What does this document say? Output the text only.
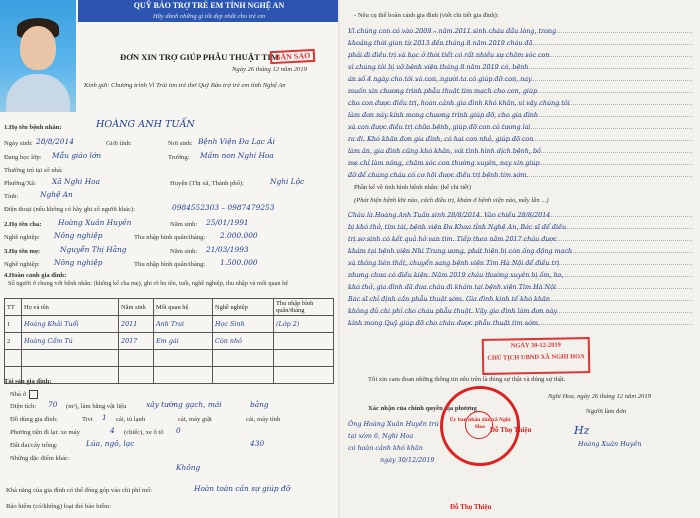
QUỸ BẢO TRỢ TRẺ EM TỈNH NGHỆ AN
Hãy dành những gì tốt đẹp nhất cho trẻ em
ĐƠN XIN TRỢ GIÚP PHẪU THUẬT TIM
BẢN SAO
Ngày 26 tháng 12 năm 2019
Kính gửi: Chương trình Vì Trái tim trẻ thơ Quỹ Bảo trợ trẻ em tỉnh Nghệ An
1.Họ tên bệnh nhân:	HOÀNG ANH TUẤN
Ngày sinh: 28/8/2014	Giới tính:	Nơi sinh: Bệnh Viện Đa Lạc Ái
Đang học lớp: Mẫu giáo lớn	Trường: Mầm non Nghi Hoa
Thường trú tại số nhà:
Phường/Xã: Xã Nghi Hoa	Huyện (Thị xã, Thành phố):	Nghi Lộc
Tỉnh:	Nghệ An
Điện thoại (nếu không có hãy ghi số người khác):	0984552303 – 0987479253
2.Họ tên cha: Hoàng Xuân Huyền	Năm sinh: 25/01/1991
Nghề nghiệp: Nông nghiệp	Thu nhập bình quân/tháng: 2.000.000
3.Họ tên mẹ:	Nguyễn Thị Hằng	Năm sinh: 21/03/1993
Nghề nghiệp: Nông nghiệp	Thu nhập bình quân/tháng: 1.500.000
4.Hoàn cảnh gia đình:
Số người ở chung với bệnh nhân: (không kể cha mẹ), ghi rõ họ tên, tuổi, nghề nghiệp, thu nhập và mối quan hệ
TT	Họ và tên	Năm sinh	Mối quan hệ	Nghề nghiệp	Thu nhập bình quân/tháng
1	Hoàng Khải Tuổi	2011	Anh Trai	Học Sinh	(Lớp 2)
2	Hoàng Cẩm Tú	2017	Em gái	Còn nhỏ	

Tài sản gia đình:
Nhà ở
Diện tích: 70 (m²), làm bằng vật liệu	xây tường gạch, mái	bằng
Đồ dùng gia đình:	Tivi 1 cái, tủ lạnh	cái, máy giặt	cái, máy tính
Phương tiện đi lại: xe máy	4 (chiếc), xe ô tô 0
Đất đai/cây trồng:	Lúa, ngô, lạc	430
Những đặc điểm khác:
Không
Khả năng của gia đình có thể đóng góp vào chi phí mổ:	Hoàn toàn cần sự giúp đỡ
Bảo hiểm (có/không) loại thẻ bảo hiểm:
- Nêu cụ thể hoàn cảnh gia đình (viết chi tiết gia đình):
Vì chúng con có vào 2009 – năm 2011 sinh cháu đầu lòng, trong
khoảng thời gian từ 2013 đến tháng 8 năm 2019 cháu đã
phải đi điều trị và học ở thời tiết có rất nhiều sự chăm sóc con
vì chúng tôi bị vỡ bệnh viện tháng 8 năm 2019 có, bệnh
án số 4 ngày cho tôi và con, người ta có giúp đỡ con, nay
muốn xin chương trình phẫu thuật tim mạch cho con, giúp
cho con được điều trị, hoàn cảnh gia đình khó khăn, vì vậy chúng tôi
làm đơn này kính mong chương trình giúp đỡ, cho gia đình
và con được điều trị chữa bệnh, giúp đỡ con có tương lai
ra đi. Khó khăn đơn gia đình, có hai con nhỏ, giúp đỡ con
làm ăn, gia đình cũng khó khăn, với tình hình dịch bệnh, bố
mẹ chỉ làm nông, chăm sóc con thường xuyên, nay xin giúp
đỡ để chúng cháu có cơ hội được điều trị bệnh tim sớm.
Phần kể về tình hình bệnh nhân: (kể chi tiết)
(Phát hiện bệnh khi nào, cách điều trị, khám ở bệnh viện nào, mấy lần ...)
Cháu là Hoàng Anh Tuấn sinh 28/8/2014. Vào chiều 28/8/2014
bị khó thở, tím tái, bệnh viện Đa Khoa tỉnh Nghệ An, Bác sĩ để điều
trị sơ sinh có kết quả hở van tim. Tiếp theo năm 2017 cháu được
khám tại bệnh viện Nhi Trung ương, phát hiện bị còn ống động mạch
và thông liên thất, chuyển sang bệnh viện Tim Hà Nội để điều trị
nhưng chưa có điều kiện. Năm 2019 cháu thường xuyên bị ốm, ho,
khó thở, gia đình đã đưa cháu đi khám tại bệnh viện Tim Hà Nội
Bác sĩ chỉ định cần phẫu thuật sớm. Gia đình kinh tế khó khăn
không đủ chi phí cho cháu phẫu thuật. Vậy gia đình làm đơn này
kính mong Quỹ giúp đỡ cho cháu được phẫu thuật tim sớm.
NGÀY 30-12-2019
CHỦ TỊCH UBND XÃ NGHI HOA
Tôi xin cam đoan những thông tin nêu trên là đúng sự thật và đúng sự thật.
Nghi Hoa, ngày 26 tháng 12 năm 2019
Xác nhận của chính quyền địa phương
Ông Hoàng Xuân Huyền trú
tại xóm 6, Nghi Hoa
có hoàn cảnh khó khăn
ngày 30/12/2019
Ủy ban nhân dân xã Nghi Hoa Đỗ Thọ Thiệu
Đỗ Thọ Thiệu
Người làm đơn
Hz
Hoàng Xuân Huyền
